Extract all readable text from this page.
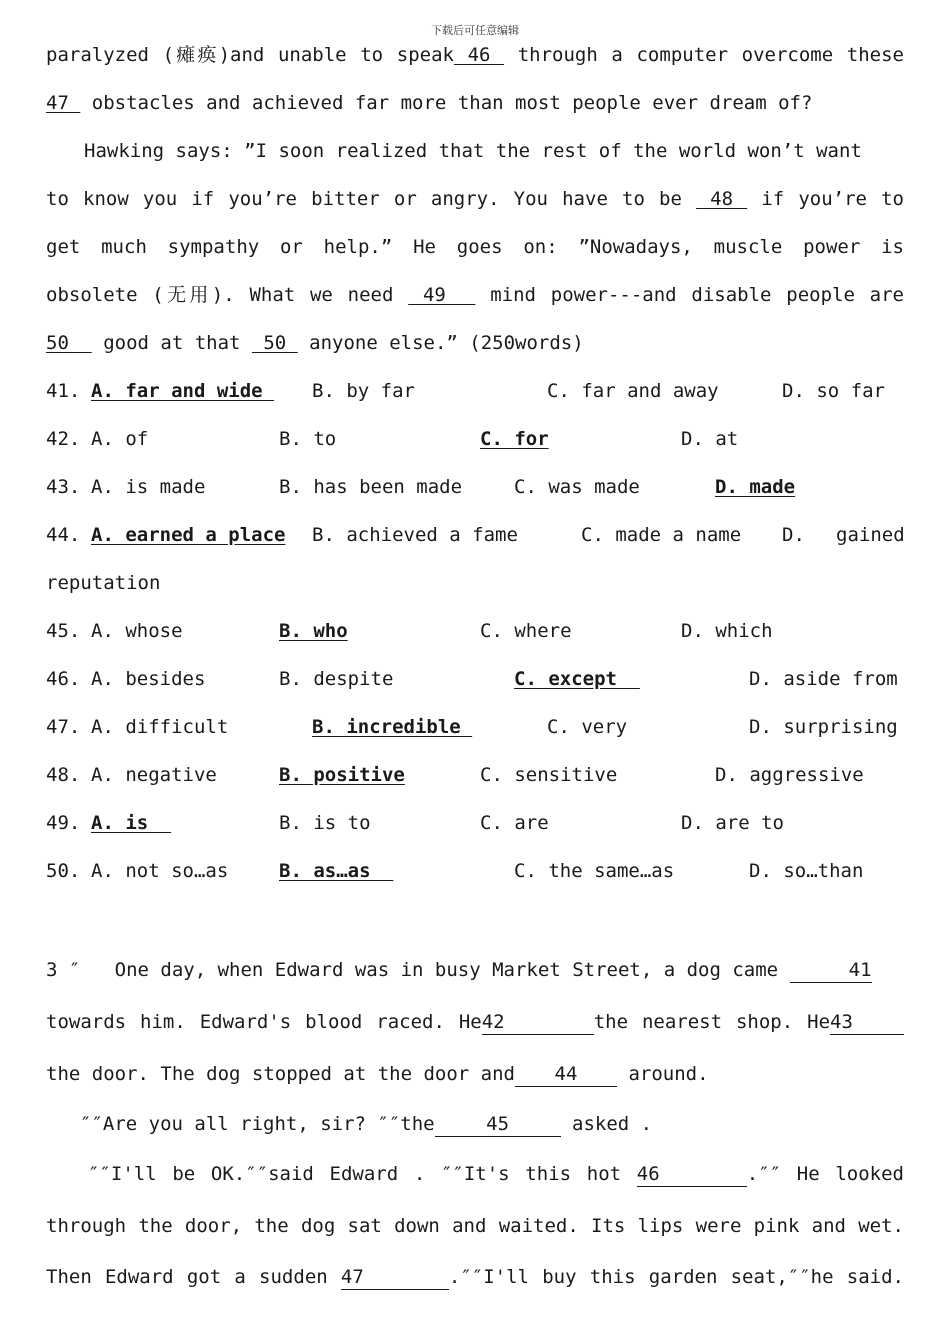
下载后可任意编辑
paralyzed (瘫痪)and unable to speak 46  through a computer overcome these
47  obstacles and achieved far more than most people ever dream of?
Hawking says: ”I soon realized that the rest of the world won’t want
to know you if you’re bitter or angry. You have to be  48  if you’re to
get much sympathy or help.” He goes on: ”Nowadays, muscle power is
obsolete (无用). What we need  49   mind power---and disable people are
50   good at that  50  anyone else.” (250words)

41.

A. far and wide

B. by far

	C. far and away

	D. so far

42.

A. of

	B. to

	C. for

	D. at

43.

A. is made

	B. has been made

	C. was made

	D. made

44.

A. earned a place

B. achieved a fame

	C. made a name

D.

gained

reputation

45.

A. whose

	B. who

	C. where

	D. which

46.

A. besides

	B. despite

	C. except

	D. aside from

47.

A. difficult

	B. incredible

	C. very

	D. surprising

48.

A. negative

	B. positive

	C. sensitive

	D. aggressive

49.

A. is

	B. is to

	C. are

	D. are to

50.

A. not so…as

	B. as…as

	C. the same…as

	D. so…than

3 ″   One day, when Edward was in busy Market Street, a dog came	41
towards him. Edward's blood raced. He42	the nearest shop. He43
the door. The dog stopped at the door and 44 around.
″″Are you all right, sir? ″″the	45	asked .
″″I'll be OK.″″said Edward . ″″It's this hot 46	.″″ He looked
through the door, the dog sat down and waited. Its lips were pink and wet.
Then Edward got a sudden 47	.″″I'll buy this garden seat,″″he said.
